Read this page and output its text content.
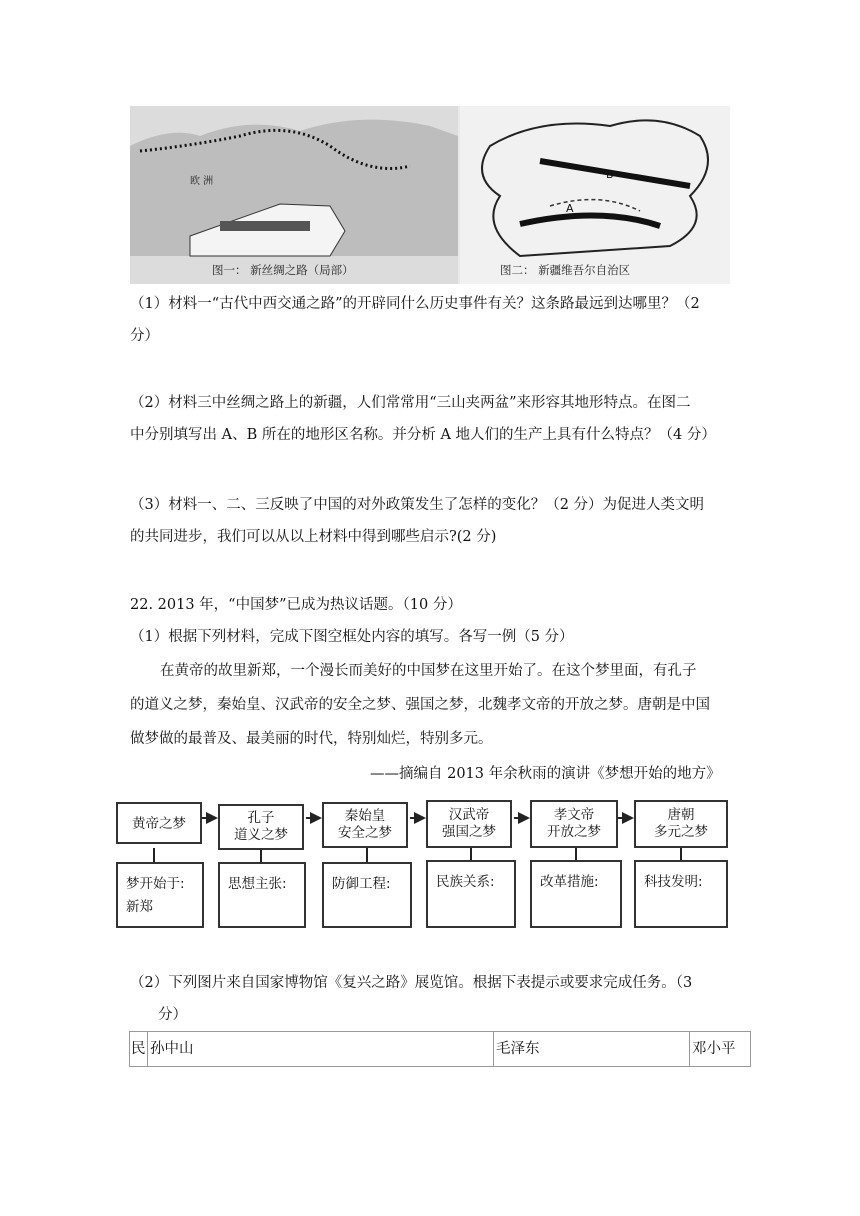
欧 洲
图一： 新丝绸之路（局部）
B
A
图二： 新疆维吾尔自治区
（1）材料一“古代中西交通之路”的开辟同什么历史事件有关？这条路最远到达哪里？（2
分）
（2）材料三中丝绸之路上的新疆，人们常常用“三山夹两盆”来形容其地形特点。在图二
中分别填写出 A、B 所在的地形区名称。并分析 A 地人们的生产上具有什么特点？（4 分）
（3）材料一、二、三反映了中国的对外政策发生了怎样的变化？（2 分）为促进人类文明
的共同进步，我们可以从以上材料中得到哪些启示?(2 分)
22. 2013 年，“中国梦”已成为热议话题。（10 分）
（1）根据下列材料，完成下图空框处内容的填写。各写一例（5 分）
在黄帝的故里新郑，一个漫长而美好的中国梦在这里开始了。在这个梦里面，有孔子
的道义之梦，秦始皇、汉武帝的安全之梦、强国之梦，北魏孝文帝的开放之梦。唐朝是中国
做梦做的最普及、最美丽的时代，特别灿烂，特别多元。
——摘编自 2013 年余秋雨的演讲《梦想开始的地方》
黄帝之梦	孔子
道义之梦
秦始皇
安全之梦
汉武帝
强国之梦
孝文帝
开放之梦
唐朝
多元之梦
梦开始于:
新郑
思想主张:	防御工程:	民族关系:	改革措施:	科技发明:
（2）下列图片来自国家博物馆《复兴之路》展览馆。根据下表提示或要求完成任务。（3
分）
民 孙中山	毛泽东	邓小平
